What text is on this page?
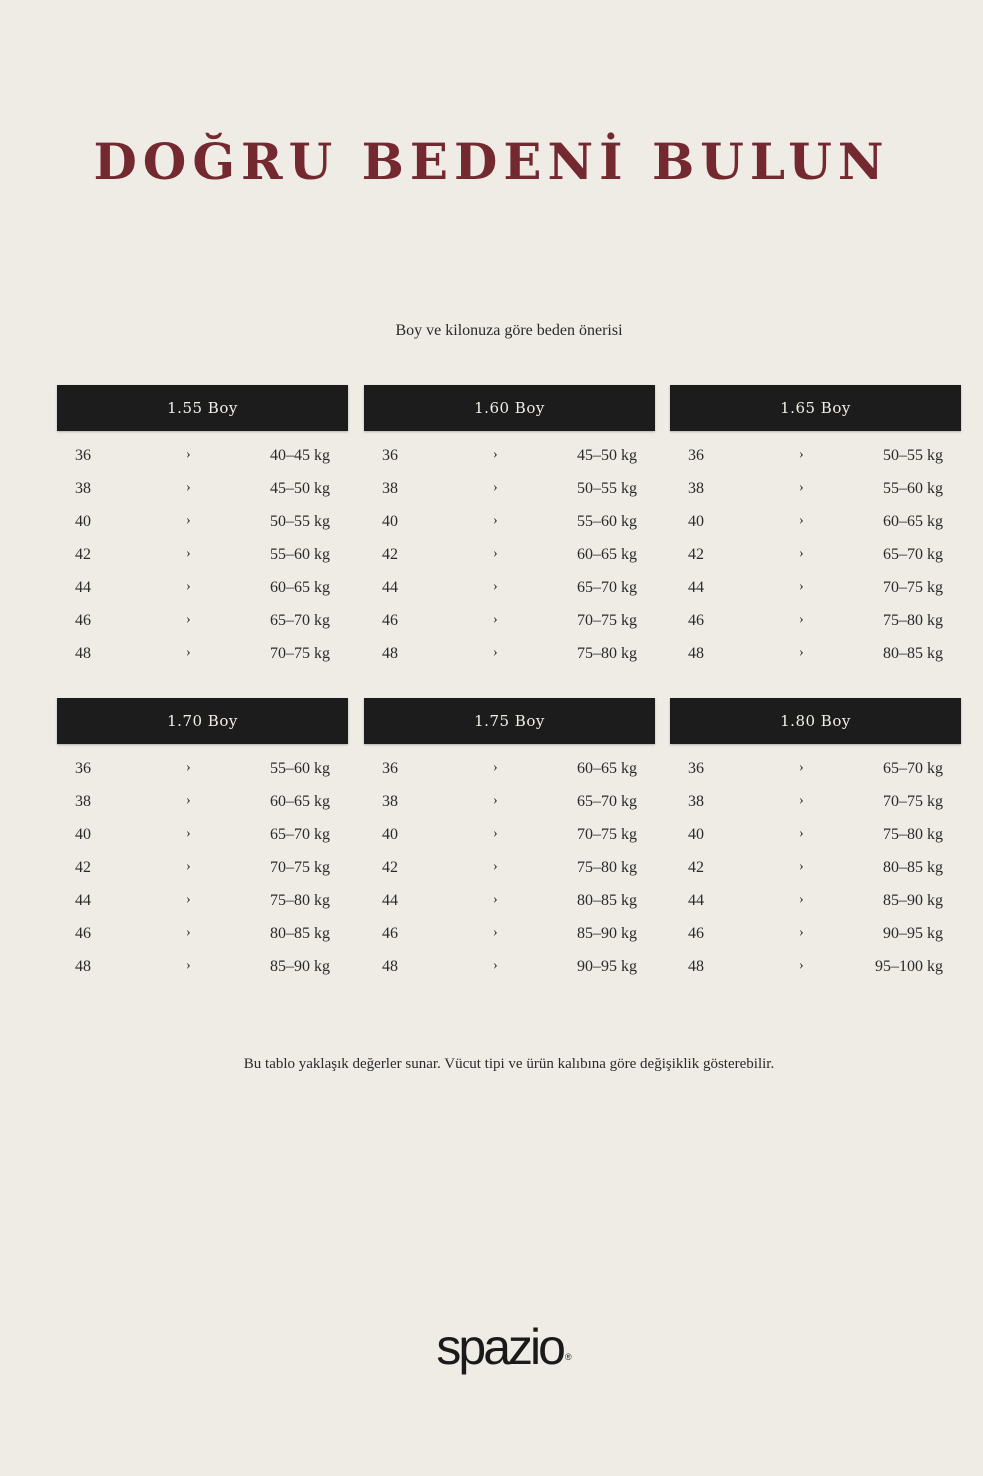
DOĞRU BEDENİ BULUN
Boy ve kilonuza göre beden önerisi
1.55 Boy
36	›	40–45 kg
38	›	45–50 kg
40	›	50–55 kg
42	›	55–60 kg
44	›	60–65 kg
46	›	65–70 kg
48	›	70–75 kg
1.60 Boy
36	›	45–50 kg
38	›	50–55 kg
40	›	55–60 kg
42	›	60–65 kg
44	›	65–70 kg
46	›	70–75 kg
48	›	75–80 kg
1.65 Boy
36	›	50–55 kg
38	›	55–60 kg
40	›	60–65 kg
42	›	65–70 kg
44	›	70–75 kg
46	›	75–80 kg
48	›	80–85 kg
1.70 Boy
36	›	55–60 kg
38	›	60–65 kg
40	›	65–70 kg
42	›	70–75 kg
44	›	75–80 kg
46	›	80–85 kg
48	›	85–90 kg
1.75 Boy
36	›	60–65 kg
38	›	65–70 kg
40	›	70–75 kg
42	›	75–80 kg
44	›	80–85 kg
46	›	85–90 kg
48	›	90–95 kg
1.80 Boy
36	›	65–70 kg
38	›	70–75 kg
40	›	75–80 kg
42	›	80–85 kg
44	›	85–90 kg
46	›	90–95 kg
48	›	95–100 kg
Bu tablo yaklaşık değerler sunar. Vücut tipi ve ürün kalıbına göre değişiklik gösterebilir.
spazio ®
